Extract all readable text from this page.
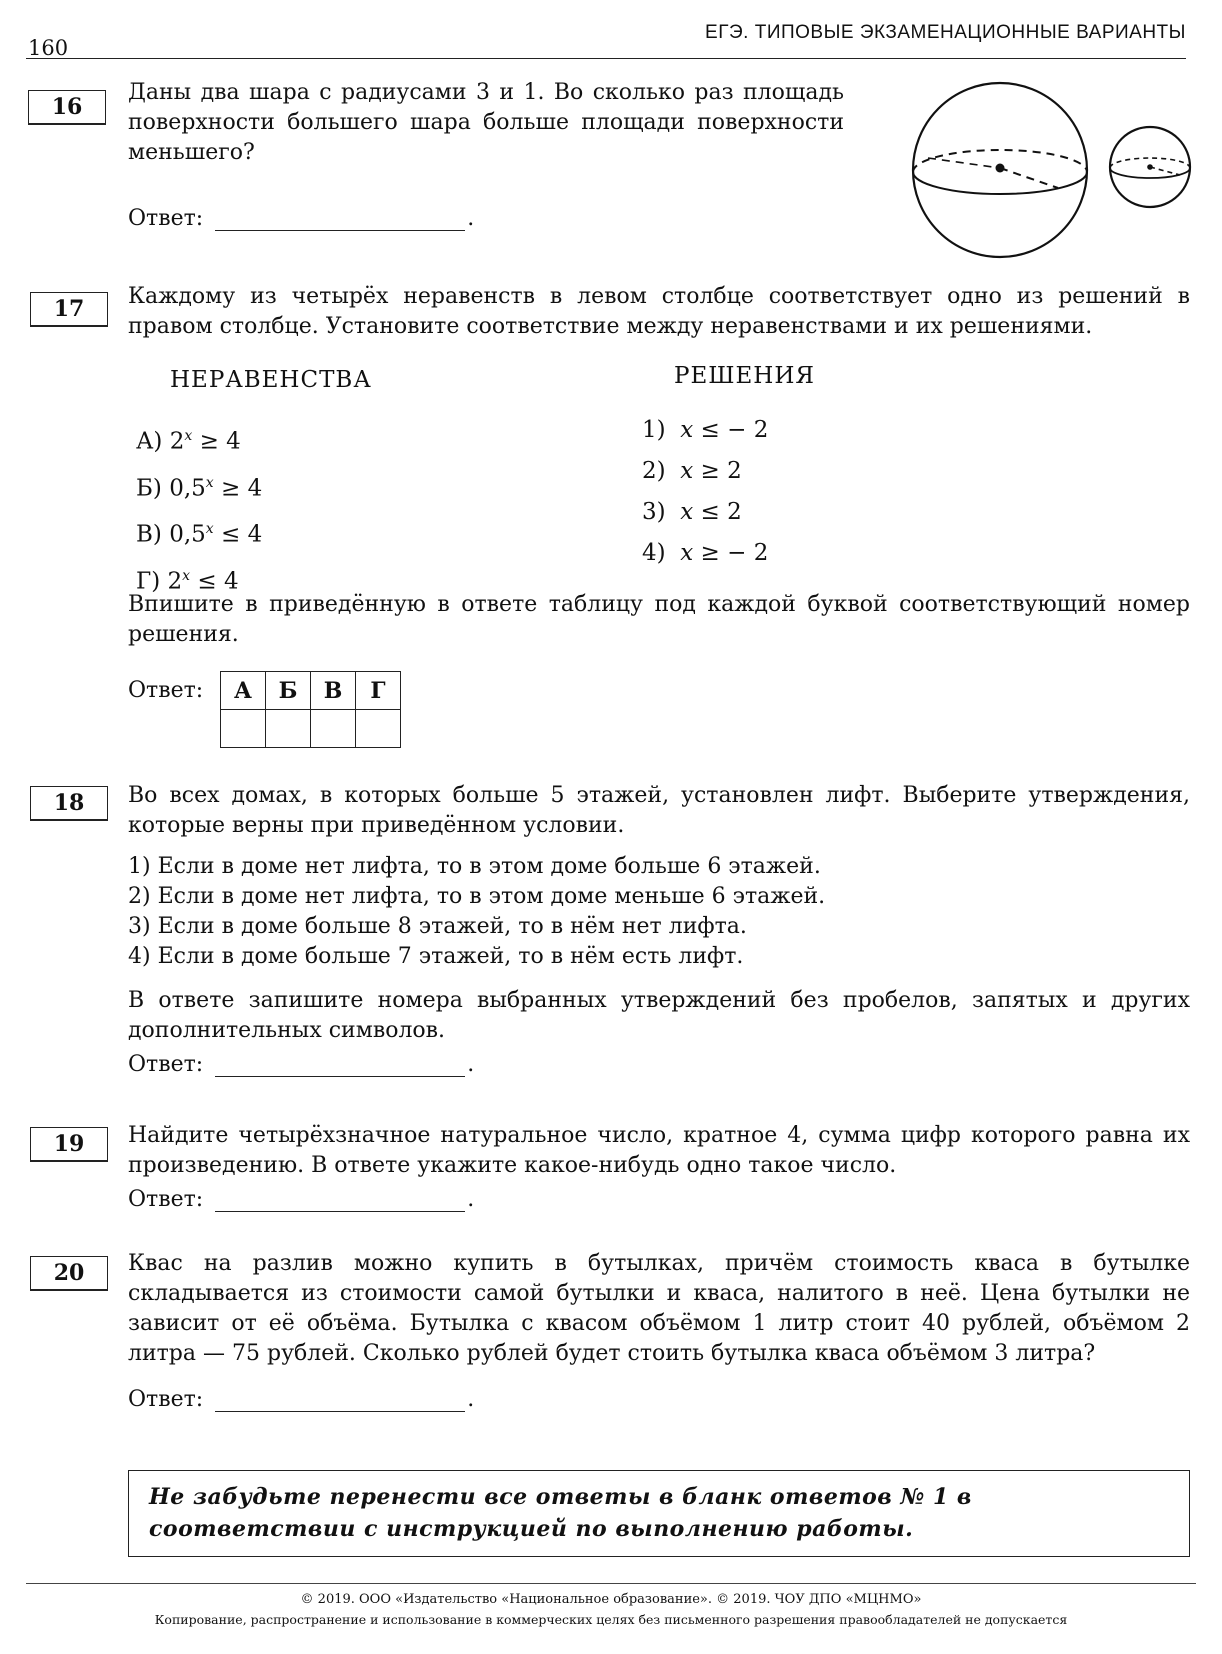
160
ЕГЭ. ТИПОВЫЕ ЭКЗАМЕНАЦИОННЫЕ ВАРИАНТЫ
16
Даны два шара с радиусами 3 и 1. Во сколько раз площадь поверхности большего шара больше площади поверхности меньшего?
Ответ:	.
17	Каждому из четырёх неравенств в левом столбце соответствует одно из решений в правом столбце. Установите соответствие между неравенствами и их решениями.
НЕРАВЕНСТВА	РЕШЕНИЯ
А) $2^x \ge 4$
Б) $0,5^x \ge 4$
В) $0,5^x \le 4$
Г) $2^x \le 4$
1) x ≤ − 2
2) x ≥ 2
3) x ≤ 2
4) x ≥ − 2
Впишите в приведённую в ответе таблицу под каждой буквой соответствующий номер решения.
Ответ: А	Б	В	Г

18	Во всех домах, в которых больше 5 этажей, установлен лифт. Выберите утверждения, которые верны при приведённом условии.
1) Если в доме нет лифта, то в этом доме больше 6 этажей.
2) Если в доме нет лифта, то в этом доме меньше 6 этажей.
3) Если в доме больше 8 этажей, то в нём нет лифта.
4) Если в доме больше 7 этажей, то в нём есть лифт.
В ответе запишите номера выбранных утверждений без пробелов, запятых и других дополнительных символов.
Ответ:	.
19	Найдите четырёхзначное натуральное число, кратное 4, сумма цифр которого равна их произведению. В ответе укажите какое-нибудь одно такое число.
Ответ:	.
20	Квас на разлив можно купить в бутылках, причём стоимость кваса в бутылке складывается из стоимости самой бутылки и кваса, налитого в неё. Цена бутылки не зависит от её объёма. Бутылка с квасом объёмом 1 литр стоит 40 рублей, объёмом 2 литра — 75 рублей. Сколько рублей будет стоить бутылка кваса объёмом 3 литра?
Ответ:	.
Не забудьте перенести все ответы в бланк ответов № 1 в соответствии с инструкцией по выполнению работы.
© 2019. ООО «Издательство «Национальное образование». © 2019. ЧОУ ДПО «МЦНМО»
Копирование, распространение и использование в коммерческих целях без письменного разрешения правообладателей не допускается
